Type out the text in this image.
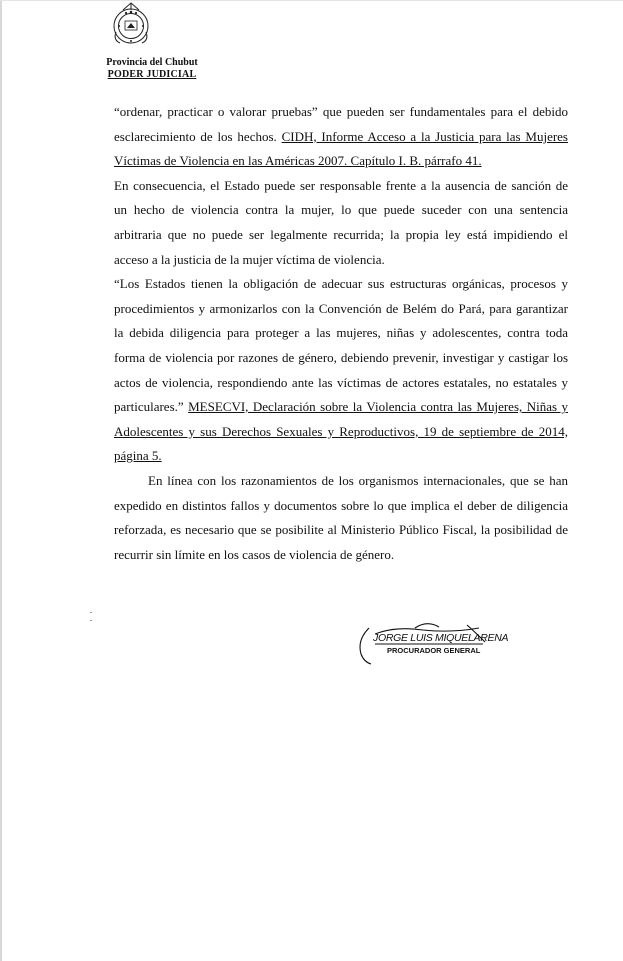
Provincia del Chubut
PODER JUDICIAL
“ordenar, practicar o valorar pruebas” que pueden ser fundamentales para el debido
esclarecimiento de los hechos. CIDH, Informe Acceso a la Justicia para las Mujeres
Víctimas de Violencia en las Américas 2007. Capítulo I. B. párrafo 41.
En consecuencia, el Estado puede ser responsable frente a la ausencia de sanción de
un hecho de violencia contra la mujer, lo que puede suceder con una sentencia
arbitraria que no puede ser legalmente recurrida; la propia ley está impidiendo el
acceso a la justicia de la mujer víctima de violencia.
“Los Estados tienen la obligación de adecuar sus estructuras orgánicas, procesos y
procedimientos y armonizarlos con la Convención de Belém do Pará, para garantizar
la debida diligencia para proteger a las mujeres, niñas y adolescentes, contra toda
forma de violencia por razones de género, debiendo prevenir, investigar y castigar los
actos de violencia, respondiendo ante las víctimas de actores estatales, no estatales y
particulares.” MESECVI, Declaración sobre la Violencia contra las Mujeres, Niñas y
Adolescentes y sus Derechos Sexuales y Reproductivos, 19 de septiembre de 2014,
página 5.
En línea con los razonamientos de los organismos internacionales, que se han
expedido en distintos fallos y documentos sobre lo que implica el deber de diligencia
reforzada, es necesario que se posibilite al Ministerio Público Fiscal, la posibilidad de
recurrir sin límite en los casos de violencia de género.
JORGE LUIS MIQUELARENA
PROCURADOR GENERAL
